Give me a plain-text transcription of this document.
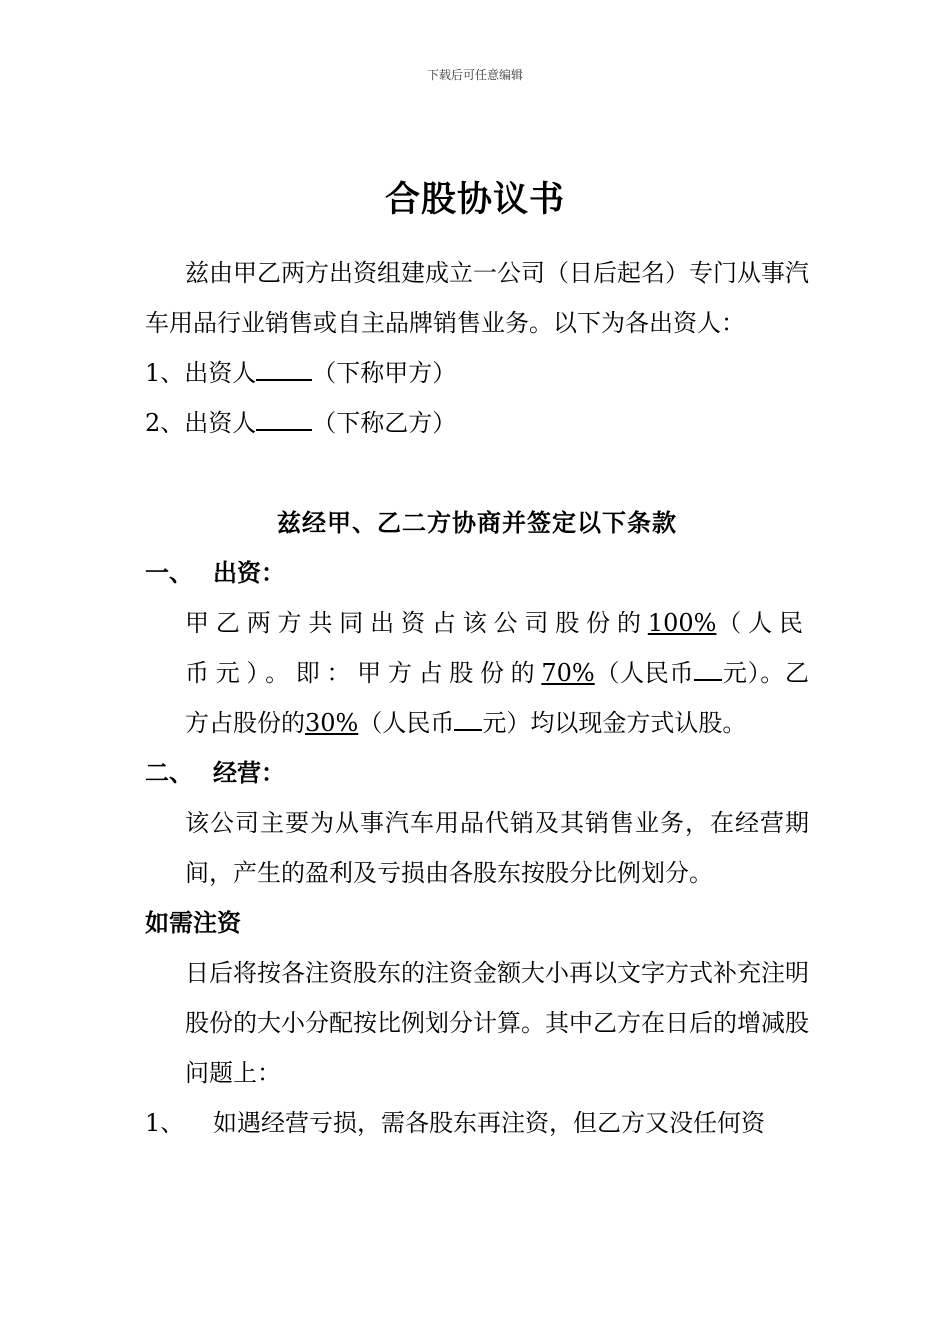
下载后可任意编辑
合股协议书

兹由甲乙两方出资组建成立一公司（日后起名）专门从事汽车用品行业销售或自主品牌销售业务。以下为各出资人：

1、出资人 （下称甲方）

2、出资人 （下称乙方）

兹经甲、乙二方协商并签定以下条款

一、 出资：

甲乙两方共同出资占该公司股份的100%（人民币元）。即：甲方占股份的70%（人民币 元）。乙方占股份的30%（人民币 元）均以现金方式认股。

二、 经营：

该公司主要为从事汽车用品代销及其销售业务，在经营期间，产生的盈利及亏损由各股东按股分比例划分。

如需注资

日后将按各注资股东的注资金额大小再以文字方式补充注明股份的大小分配按比例划分计算。其中乙方在日后的增减股问题上：

1、 如遇经营亏损，需各股东再注资，但乙方又没任何资
